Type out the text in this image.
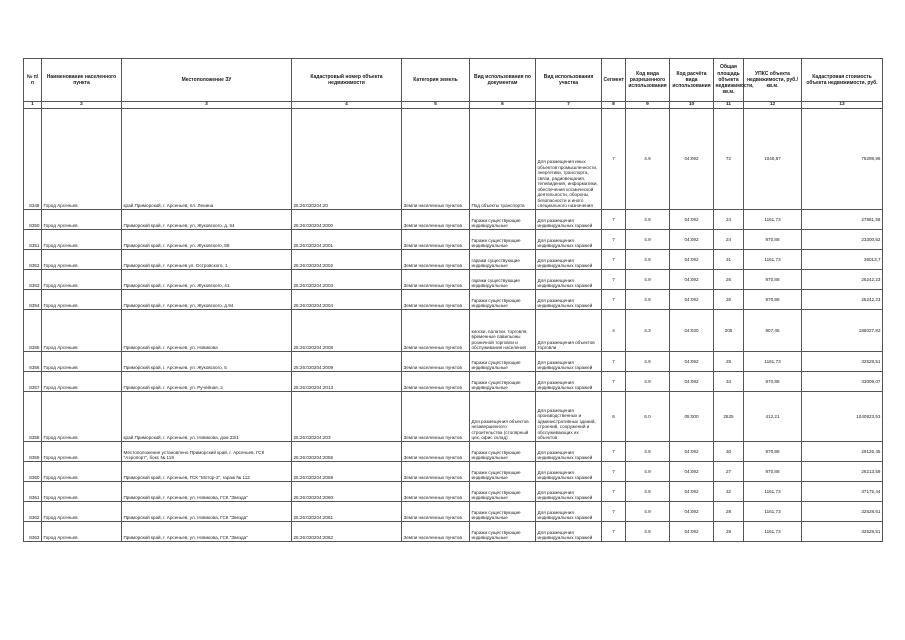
№ п/п	Наименование населенного пункта	Местоположение ЗУ	Кадастровый номер объекта недвижимости	Категория земель	Вид использования по документам	Вид использования участка	Сегмент	Код вида разрешенного использования	Код расчёта вида использования	Общая площадь объекта недвижимости, кв.м.	УПКС объекта недвижимости, руб./кв.м.	Кадастровая стоимость объекта недвижимости, руб.
1	2	3	4	5	6	7	8	9	10	11	12	13
8348	Город Арсеньев	край Приморский, г. Арсеньев, пл. Ленина	25:26:020204:20	Земли населенных пунктов	Под объекты транспорта	Для размещения иных объектов промышленности, энергетики, транспорта, связи, радиовещания, телевидения, информатики, обеспечения космической деятельности, обороны, безопасности и иного специального назначения	7	4.9	04:092	72	1045,87	75298,96
8350	Город Арсеньев	Приморский край, г. Арсеньев, ул. Жуковского, д. 54	25:26:020204:2000	Земли населенных пунктов	Гаражи существующие индивидуальные	Для размещения индивидуальных гаражей	7	4.9	04:092	24	1161,73	27881,58
8351	Город Арсеньев	Приморский край, г. Арсеньев, ул. Жуковского, 88	25:26:020204:2001	Земли населенных пунктов	Гаражи существующие индивидуальные	Для размещения индивидуальных гаражей	7	4.9	04:092	24	970,88	23300,52
8352	Город Арсеньев	Приморский край, г. Арсеньев ул. Островского, 1	25:26:020204:2002	Земли населенных пунктов	гаражи существующие индивидуальные	Для размещения индивидуальных гаражей	7	4.9	04:092	31	1161,73	36013,7
8353	Город Арсеньев	Приморский край, г. Арсеньев, ул. Жуковского, 41	25:26:020204:2003	Земли населенных пунктов	гаражи существующие индивидуальные	Для размещения индивидуальных гаражей	7	4.9	04:092	26	970,88	25242,23
8354	Город Арсеньев	Приморский край, г. Арсеньев, ул. Жуковского, д.94	25:26:020204:2004	Земли населенных пунктов	Гаражи существующие индивидуальные	Для размещения индивидуальных гаражей	7	4.9	04:092	26	970,88	25242,23
8355	Город Арсеньев	Приморский край, г. Арсеньев, ул. Новикова	25:26:020204:2008	Земли населенных пунктов	киоски, палатки, торговля, временные павильоны розничной торговли и обслуживания населения	Для размещения объектов торговли	4	4.3	04:030	205	907,45	186027,82
8356	Город Арсеньев	Приморский край, г. Арсеньев, ул. Жуковского, 5	25:26:020204:2009	Земли населенных пунктов	Гаражи существующие индивидуальные	Для размещения индивидуальных гаражей	7	4.9	04:092	28	1161,73	32528,51
8357	Город Арсеньев	Приморский край, г. Арсеньев, ул. Ручейная, 2	25:26:020204:2013	Земли населенных пунктов	Гаражи существующие индивидуальные	Для размещения индивидуальных гаражей	7	4.9	04:092	34	970,88	33009,07
8358	Город Арсеньев	край Приморский, г. Арсеньев, ул. Новикова, дом 23/1	25:26:020204:203	Земли населенных пунктов	Для размещения объектов незавершенного строительства (столярный цех, офис склад)	Для размещения производственных и административных зданий, строений, сооружений и обслуживающих их объектов	6	6.0	05:000	2525	412,21	1040823,53
8359	Город Арсеньев	Местоположение установлено Приморский край, г. Арсеньев, ГСК "Аэропорт", бокс № 119	25:26:020204:2056	Земли населенных пунктов	Гаражи существующие индивидуальные	Для размещения индивидуальных гаражей	7	4.9	04:092	30	970,88	29126,45
8360	Город Арсеньев	Приморский край, г. Арсеньев, ГСК "Мотор-2", гараж № 112	25:26:020204:2059	Земли населенных пунктов	Гаражи существующие индивидуальные	Для размещения индивидуальных гаражей	7	4.9	04:092	27	970,88	26213,59
8361	Город Арсеньев	Приморский край, г. Арсеньев, ул. Новикова, ГСК "Звезда"	25:26:020204:2060	Земли населенных пунктов	Гаражи существующие индивидуальные	Для размещения индивидуальных гаражей	7	4.9	04:092	32	1161,73	37175,44
8362	Город Арсеньев	Приморский край, г. Арсеньев, ул. Новикова, ГСК "Звезда"	25:26:020204:2061	Земли населенных пунктов	Гаражи существующие индивидуальные	Для размещения индивидуальных гаражей	7	4.9	04:092	28	1161,73	32528,51
8363	Город Арсеньев	Приморский край, г. Арсеньев, ул. Новикова, ГСК "Звезда"	25:26:020204:2062	Земли населенных пунктов	Гаражи существующие индивидуальные	Для размещения индивидуальных гаражей	7	4.9	04:092	28	1161,73	32528,51
